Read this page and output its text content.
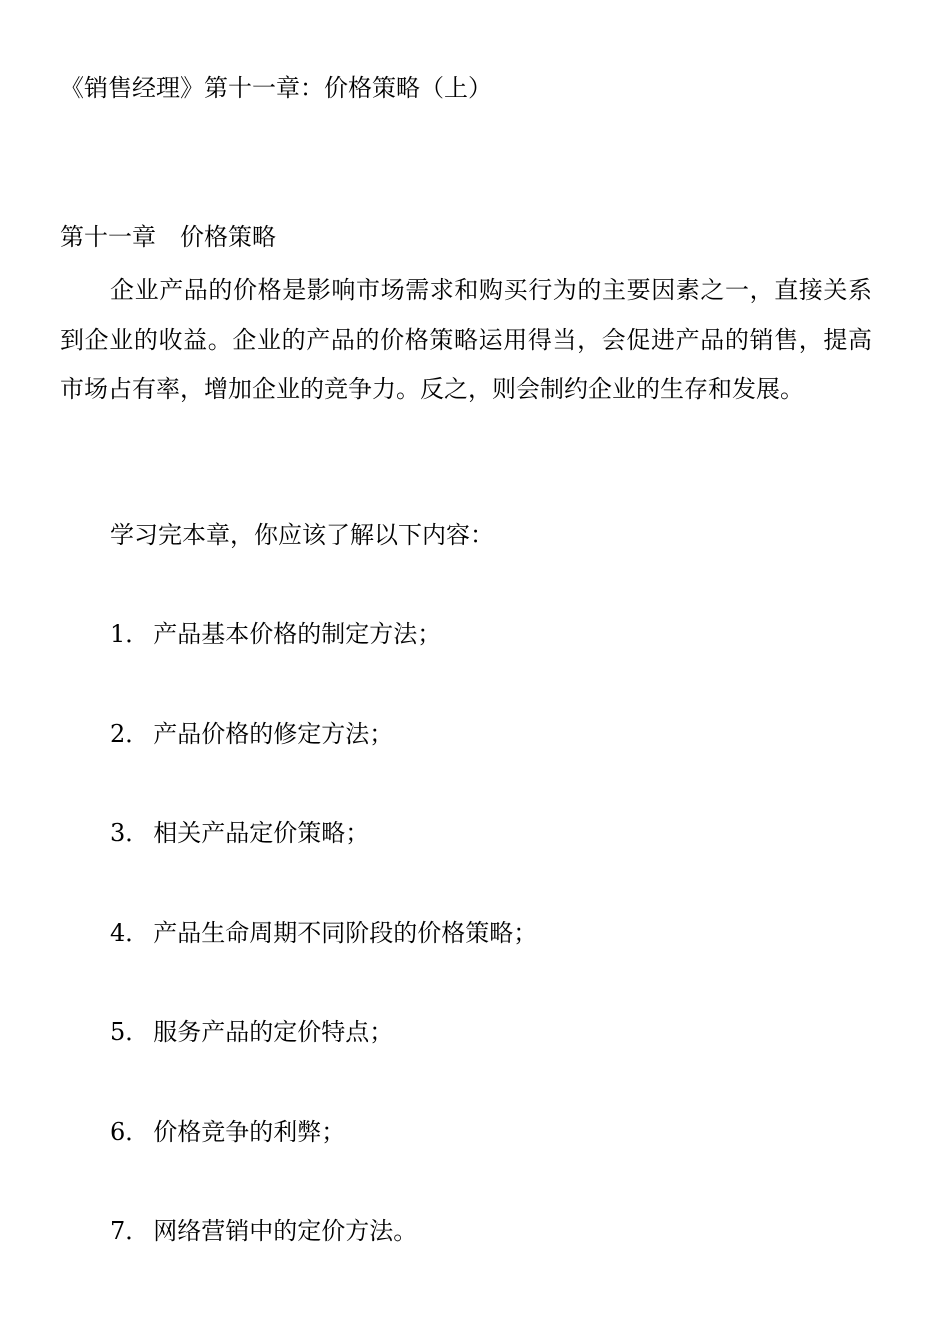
《销售经理》第十一章：价格策略（上）
第十一章　价格策略

企业产品的价格是影响市场需求和购买行为的主要因素之一，直接关系到企业的收益。企业的产品的价格策略运用得当，会促进产品的销售，提高市场占有率，增加企业的竞争力。反之，则会制约企业的生存和发展。

学习完本章，你应该了解以下内容：
1． 产品基本价格的制定方法；
2． 产品价格的修定方法；
3． 相关产品定价策略；
4． 产品生命周期不同阶段的价格策略；
5． 服务产品的定价特点；
6． 价格竞争的利弊；
7． 网络营销中的定价方法。
